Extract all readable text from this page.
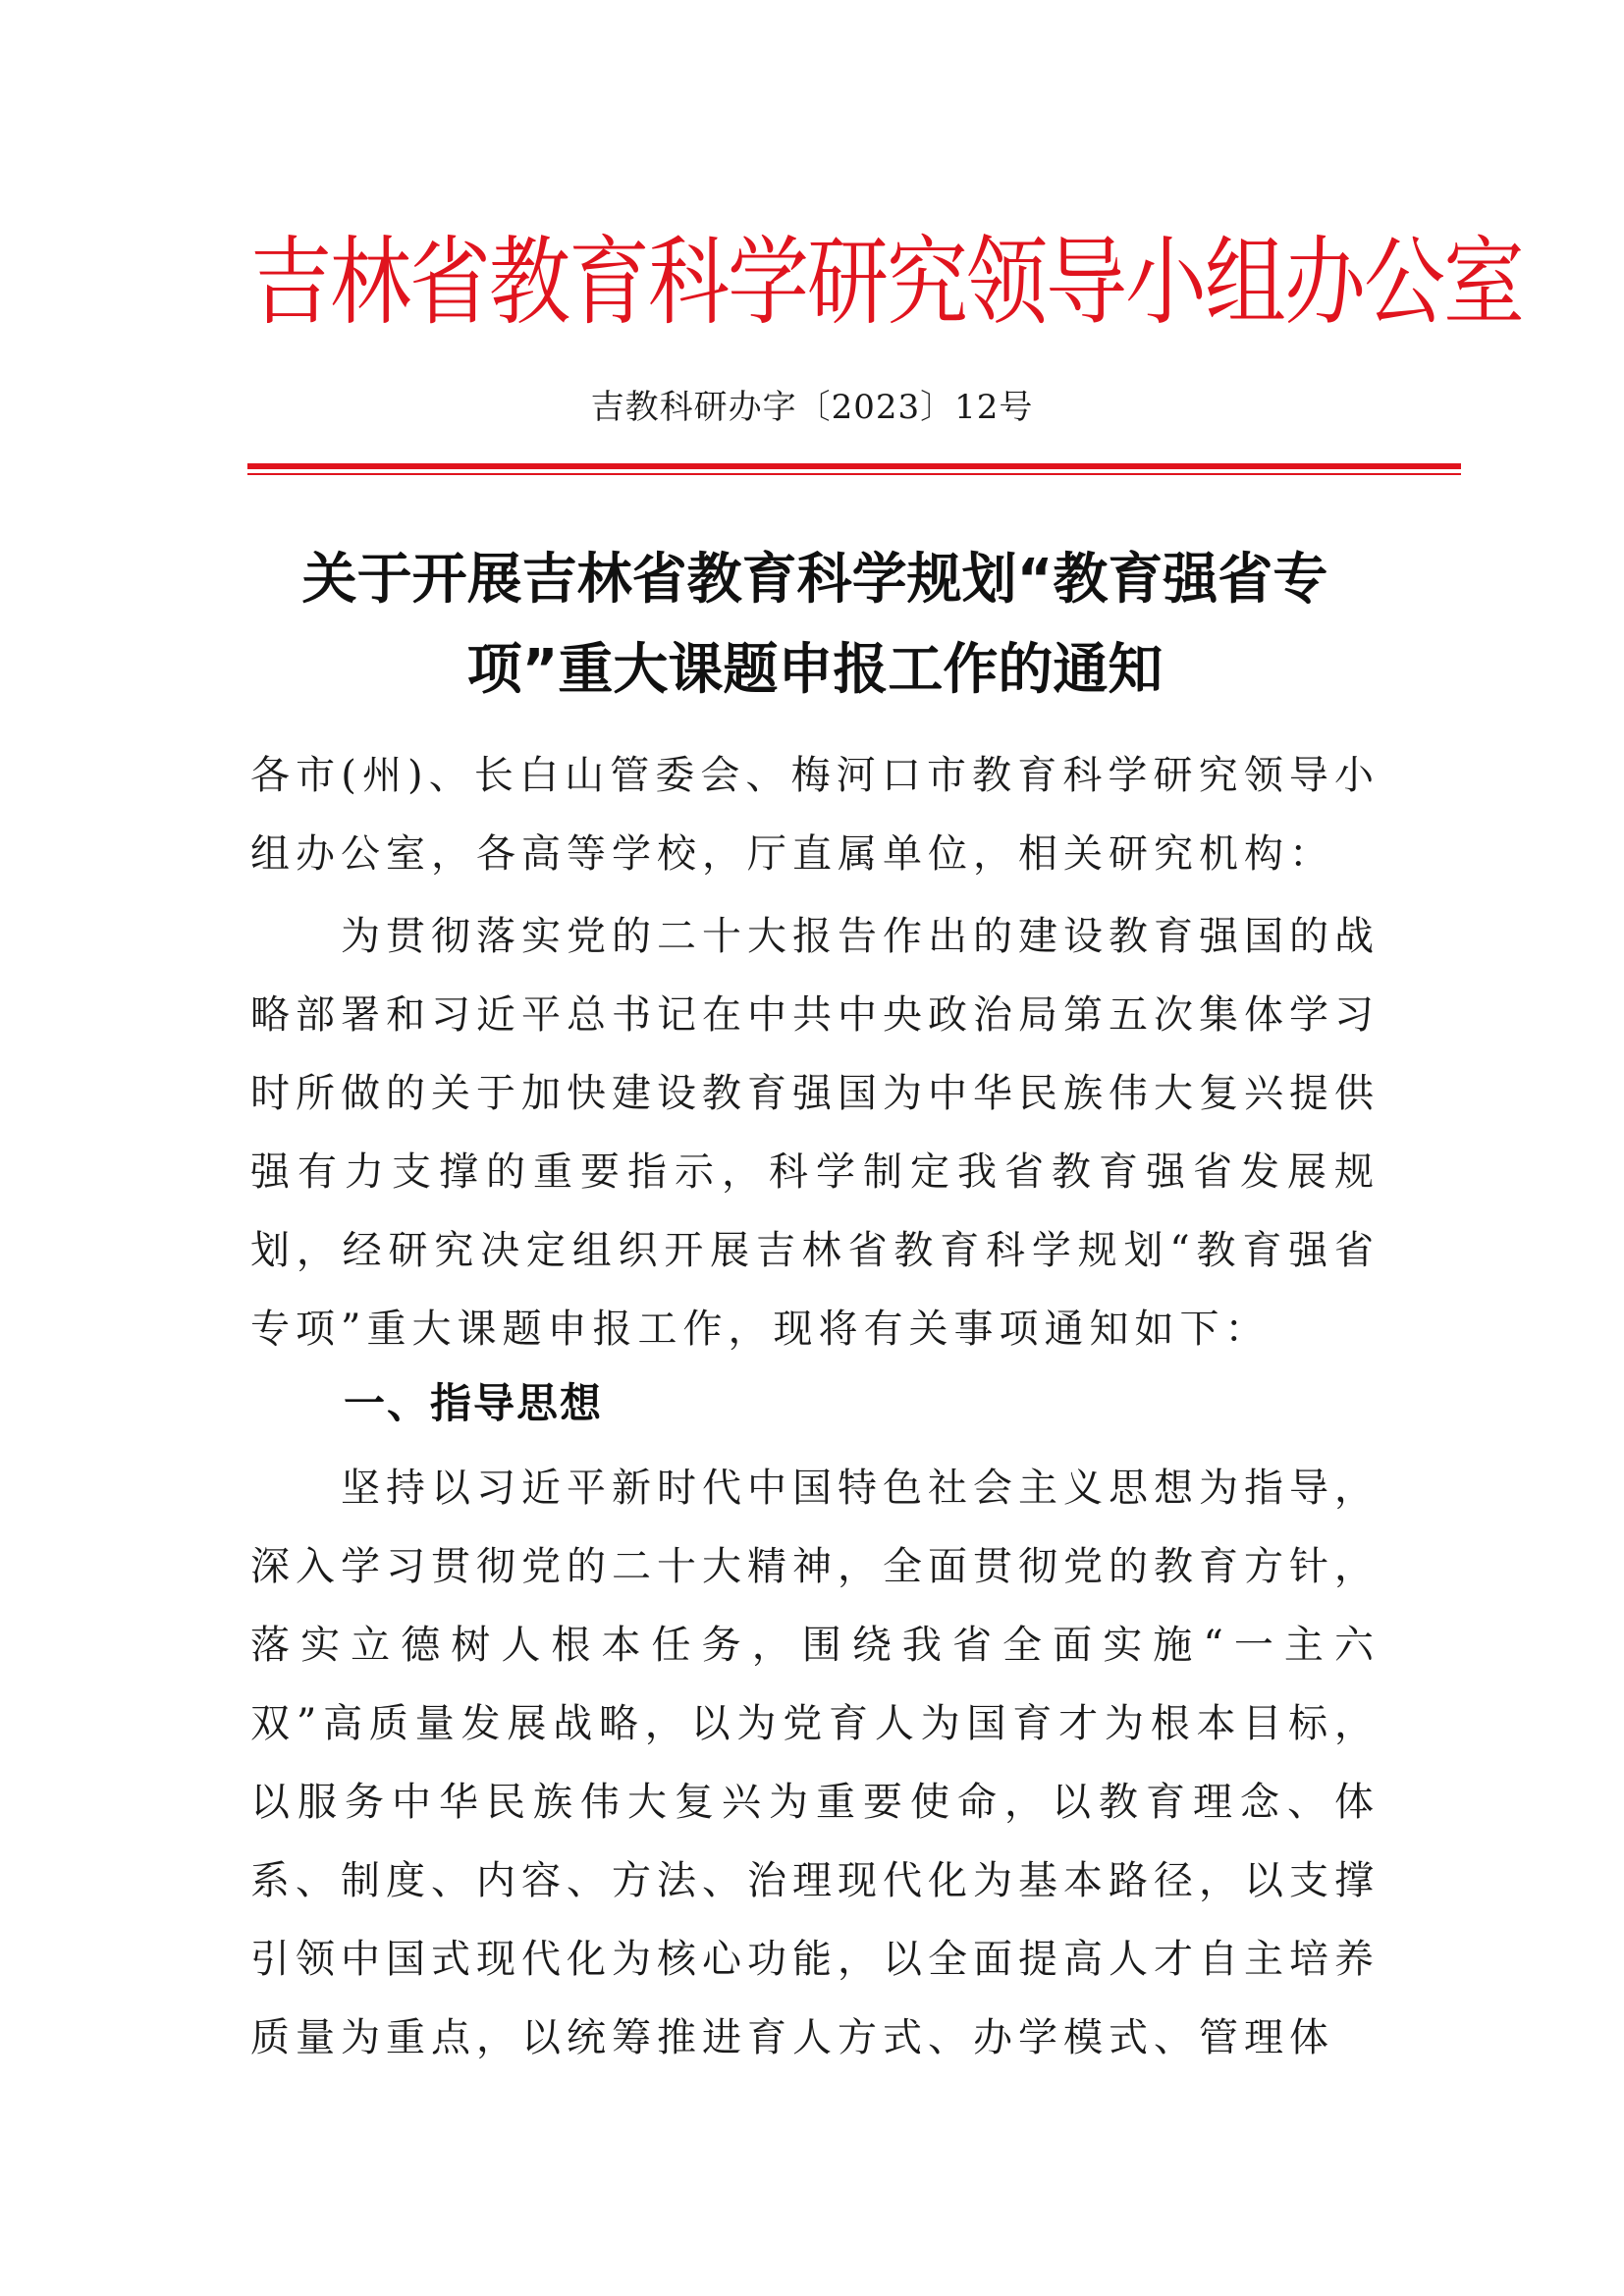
吉林省教育科学研究领导小组办公室
吉教科研办字〔2023〕12号
关于开展吉林省教育科学规划“教育强省专
项”重大课题申报工作的通知

各市(州)、长白山管委会、梅河口市教育科学研究领导小组办公室，各高等学校，厅直属单位，相关研究机构：

为贯彻落实党的二十大报告作出的建设教育强国的战略部署和习近平总书记在中共中央政治局第五次集体学习时所做的关于加快建设教育强国为中华民族伟大复兴提供强有力支撑的重要指示，科学制定我省教育强省发展规划，经研究决定组织开展吉林省教育科学规划“教育强省专项”重大课题申报工作，现将有关事项通知如下：

一、指导思想

坚持以习近平新时代中国特色社会主义思想为指导，深入学习贯彻党的二十大精神，全面贯彻党的教育方针，落实立德树人根本任务，围绕我省全面实施“一主六双”高质量发展战略，以为党育人为国育才为根本目标，以服务中华民族伟大复兴为重要使命，以教育理念、体系、制度、内容、方法、治理现代化为基本路径，以支撑引领中国式现代化为核心功能，以全面提高人才自主培养质量为重点，以统筹推进育人方式、办学模式、管理体
